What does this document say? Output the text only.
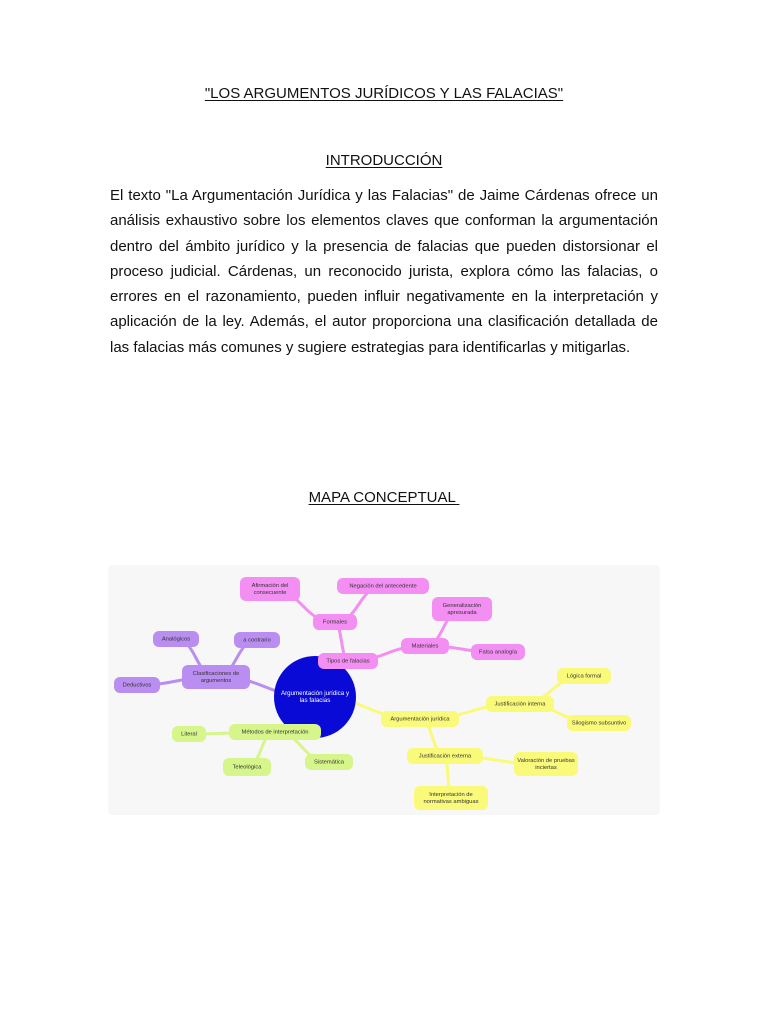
"LOS ARGUMENTOS JURÍDICOS Y LAS FALACIAS"
INTRODUCCIÓN

El texto "La Argumentación Jurídica y las Falacias" de Jaime Cárdenas ofrece un análisis exhaustivo sobre los elementos claves que conforman la argumentación dentro del ámbito jurídico y la presencia de falacias que pueden distorsionar el proceso judicial. Cárdenas, un reconocido jurista, explora cómo las falacias, o errores en el razonamiento, pueden influir negativamente en la interpretación y aplicación de la ley. Además, el autor proporciona una clasificación detallada de las falacias más comunes y sugiere estrategias para identificarlas y mitigarlas.

MAPA CONCEPTUAL
Argumentación jurídica y
las falacias
Afirmación del
consecuente
Negación del antecedente
Generalización
apresurada
Formales
Materiales
Falsa analogía
Tipos de falacias
Analógicos	a contrario
Clasificaciones de
argumentos
Deductivos
Métodos de interpretación
Literal
Teleológica
Sistemática
Argumentación jurídica
Justificación interna
Lógica formal
Silogismo subsuntivo
Justificación externa
Valoración de pruebas
inciertas
Interpretación de
normativas ambiguas
